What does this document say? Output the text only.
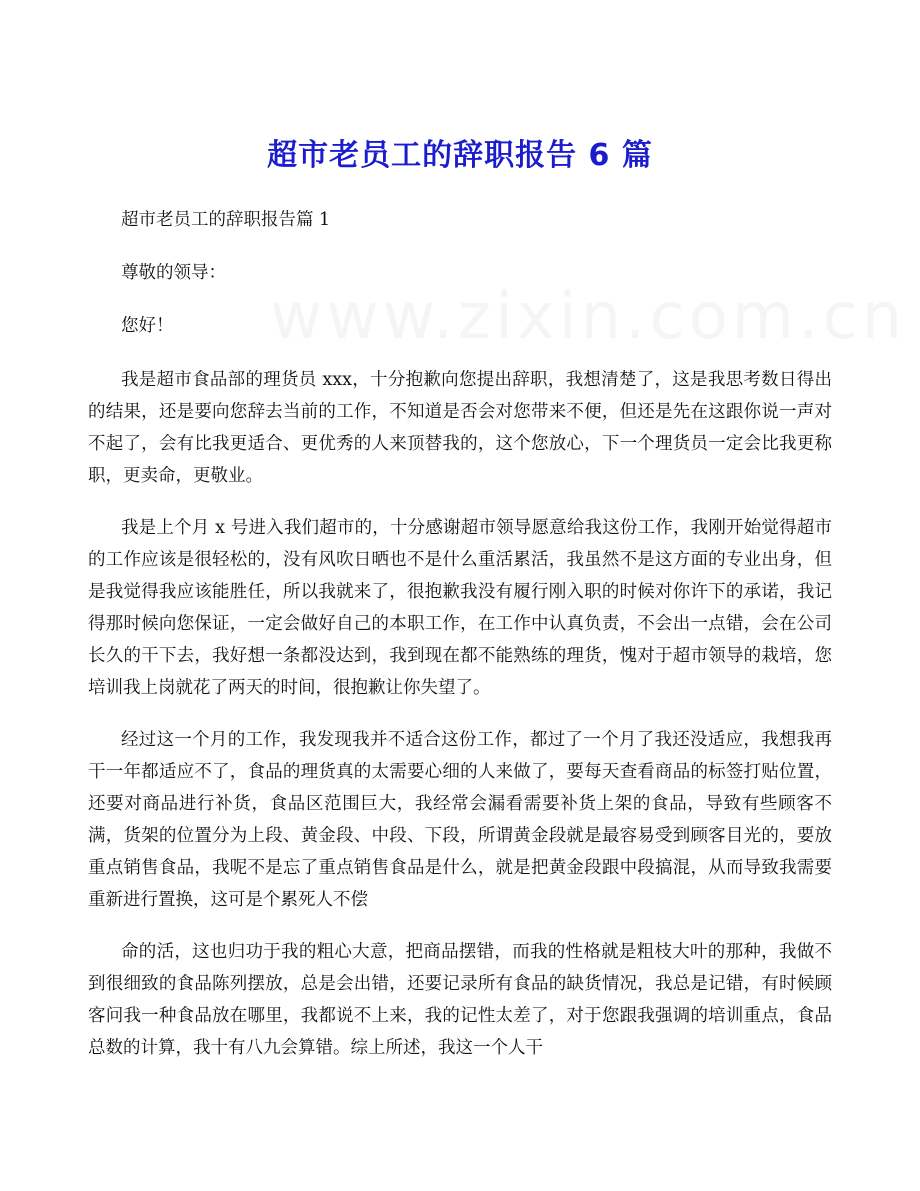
超市老员工的辞职报告 6 篇

超市老员工的辞职报告篇 1

尊敬的领导：

您好！

我是超市食品部的理货员 xxx，十分抱歉向您提出辞职，我想清楚了，这是我思考数日得出的结果，还是要向您辞去当前的工作，不知道是否会对您带来不便，但还是先在这跟你说一声对不起了，会有比我更适合、更优秀的人来顶替我的，这个您放心，下一个理货员一定会比我更称职，更卖命，更敬业。

我是上个月 x 号进入我们超市的，十分感谢超市领导愿意给我这份工作，我刚开始觉得超市的工作应该是很轻松的，没有风吹日晒也不是什么重活累活，我虽然不是这方面的专业出身，但是我觉得我应该能胜任，所以我就来了，很抱歉我没有履行刚入职的时候对你许下的承诺，我记得那时候向您保证，一定会做好自己的本职工作，在工作中认真负责，不会出一点错，会在公司长久的干下去，我好想一条都没达到，我到现在都不能熟练的理货，愧对于超市领导的栽培，您培训我上岗就花了两天的时间，很抱歉让你失望了。

经过这一个月的工作，我发现我并不适合这份工作，都过了一个月了我还没适应，我想我再干一年都适应不了，食品的理货真的太需要心细的人来做了，要每天查看商品的标签打贴位置，还要对商品进行补货，食品区范围巨大，我经常会漏看需要补货上架的食品，导致有些顾客不满，货架的位置分为上段、黄金段、中段、下段，所谓黄金段就是最容易受到顾客目光的，要放重点销售食品，我呢不是忘了重点销售食品是什么，就是把黄金段跟中段搞混，从而导致我需要重新进行置换，这可是个累死人不偿

命的活，这也归功于我的粗心大意，把商品摆错，而我的性格就是粗枝大叶的那种，我做不到很细致的食品陈列摆放，总是会出错，还要记录所有食品的缺货情况，我总是记错，有时候顾客问我一种食品放在哪里，我都说不上来，我的记性太差了，对于您跟我强调的培训重点，食品总数的计算，我十有八九会算错。综上所述，我这一个人干
